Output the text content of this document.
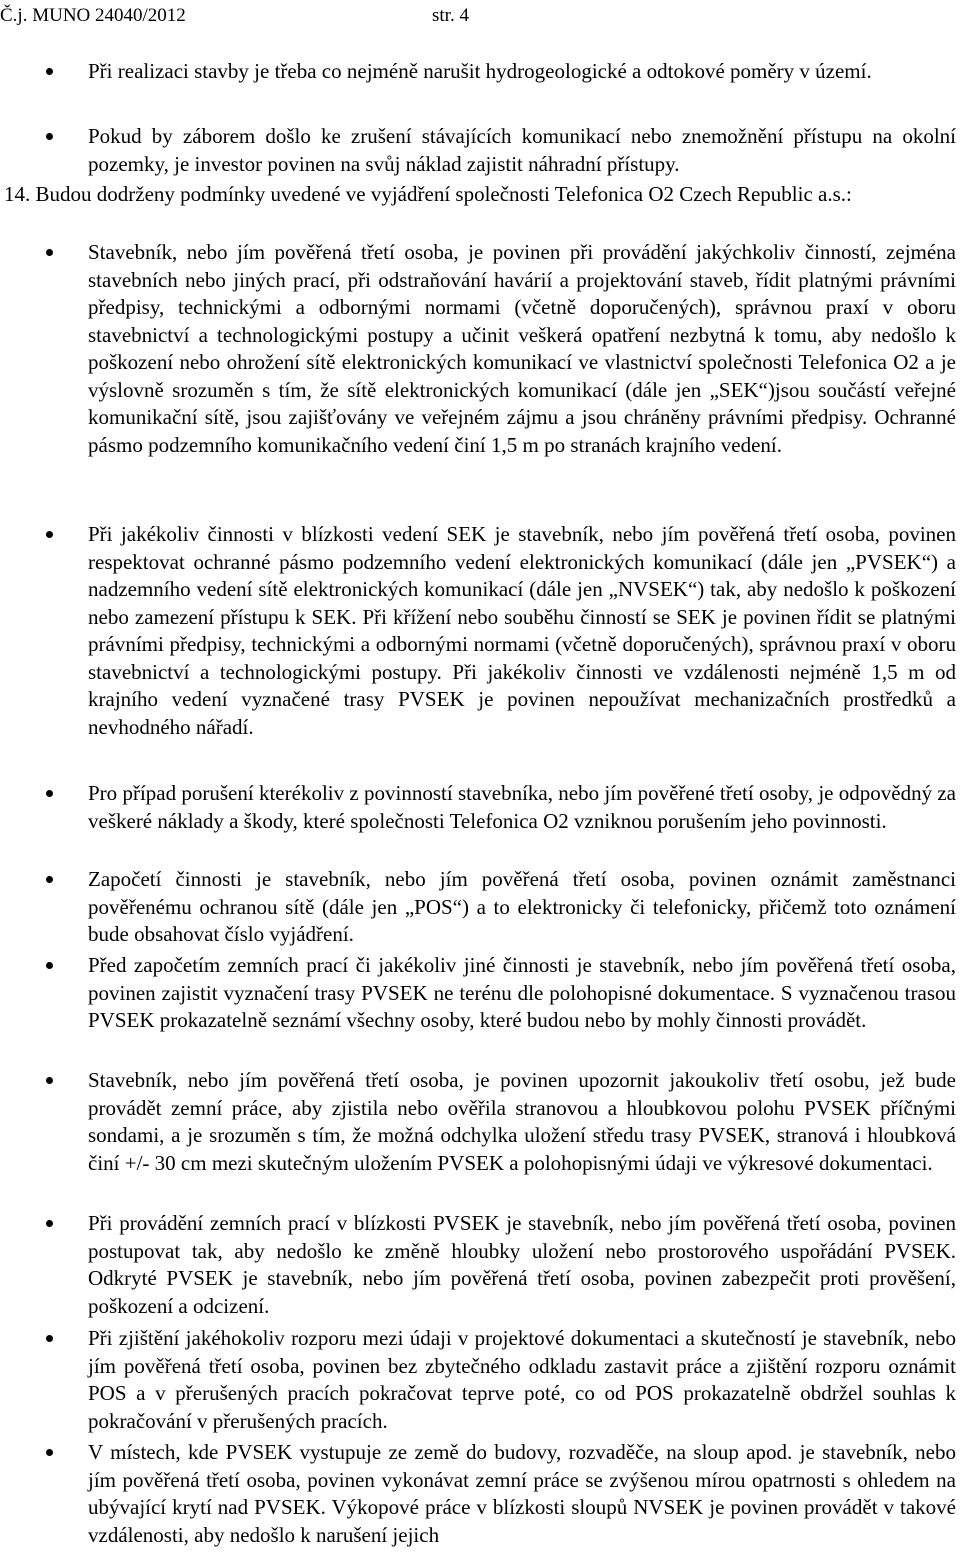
Č.j. MUNO 24040/2012	str. 4
Při realizaci stavby je třeba co nejméně narušit hydrogeologické a odtokové poměry v území.
Pokud by záborem došlo ke zrušení stávajících komunikací nebo znemožnění přístupu na okolní pozemky, je investor povinen na svůj náklad zajistit náhradní přístupy.
14. Budou dodrženy podmínky uvedené ve vyjádření společnosti Telefonica O2 Czech Republic a.s.:
Stavebník, nebo jím pověřená třetí osoba, je povinen při provádění jakýchkoliv činností, zejména stavebních nebo jiných prací, při odstraňování havárií a projektování staveb, řídit platnými právními předpisy, technickými a odbornými normami (včetně doporučených), správnou praxí v oboru stavebnictví a technologickými postupy a učinit veškerá opatření nezbytná k tomu, aby nedošlo k poškození nebo ohrožení sítě elektronických komunikací ve vlastnictví společnosti Telefonica O2 a je výslovně srozuměn s tím, že sítě elektronických komunikací (dále jen „SEK“)jsou součástí veřejné komunikační sítě, jsou zajišťovány ve veřejném zájmu a jsou chráněny právními předpisy. Ochranné pásmo podzemního komunikačního vedení činí 1,5 m po stranách krajního vedení.
Při jakékoliv činnosti v blízkosti vedení SEK je stavebník, nebo jím pověřená třetí osoba, povinen respektovat ochranné pásmo podzemního vedení elektronických komunikací (dále jen „PVSEK“) a nadzemního vedení sítě elektronických komunikací (dále jen „NVSEK“) tak, aby nedošlo k poškození nebo zamezení přístupu k SEK. Při křížení nebo souběhu činností se SEK je povinen řídit se platnými právními předpisy, technickými a odbornými normami (včetně doporučených), správnou praxí v oboru stavebnictví a technologickými postupy. Při jakékoliv činnosti ve vzdálenosti nejméně 1,5 m od krajního vedení vyznačené trasy PVSEK je povinen nepoužívat mechanizačních prostředků a nevhodného nářadí.
Pro případ porušení kterékoliv z povinností stavebníka, nebo jím pověřené třetí osoby, je odpovědný za veškeré náklady a škody, které společnosti Telefonica O2 vzniknou porušením jeho povinnosti.
Započetí činnosti je stavebník, nebo jím pověřená třetí osoba, povinen oznámit zaměstnanci pověřenému ochranou sítě (dále jen „POS“) a to elektronicky či telefonicky, přičemž toto oznámení bude obsahovat číslo vyjádření.
Před započetím zemních prací či jakékoliv jiné činnosti je stavebník, nebo jím pověřená třetí osoba, povinen zajistit vyznačení trasy PVSEK ne terénu dle polohopisné dokumentace. S vyznačenou trasou PVSEK prokazatelně seznámí všechny osoby, které budou nebo by mohly činnosti provádět.
Stavebník, nebo jím pověřená třetí osoba, je povinen upozornit jakoukoliv třetí osobu, jež bude provádět zemní práce, aby zjistila nebo ověřila stranovou a hloubkovou polohu PVSEK příčnými sondami, a je srozuměn s tím, že možná odchylka uložení středu trasy PVSEK, stranová i hloubková činí +/- 30 cm mezi skutečným uložením PVSEK a polohopisnými údaji ve výkresové dokumentaci.
Při provádění zemních prací v blízkosti PVSEK je stavebník, nebo jím pověřená třetí osoba, povinen postupovat tak, aby nedošlo ke změně hloubky uložení nebo prostorového uspořádání PVSEK. Odkryté PVSEK je stavebník, nebo jím pověřená třetí osoba, povinen zabezpečit proti prověšení, poškození a odcizení.
Při zjištění jakéhokoliv rozporu mezi údaji v projektové dokumentaci a skutečností je stavebník, nebo jím pověřená třetí osoba, povinen bez zbytečného odkladu zastavit práce a zjištění rozporu oznámit POS a v přerušených pracích pokračovat teprve poté, co od POS prokazatelně obdržel souhlas k pokračování v přerušených pracích.
V místech, kde PVSEK vystupuje ze země do budovy, rozvaděče, na sloup apod. je stavebník, nebo jím pověřená třetí osoba, povinen vykonávat zemní práce se zvýšenou mírou opatrnosti s ohledem na ubývající krytí nad PVSEK. Výkopové práce v blízkosti sloupů NVSEK je povinen provádět v takové vzdálenosti, aby nedošlo k narušení jejich
